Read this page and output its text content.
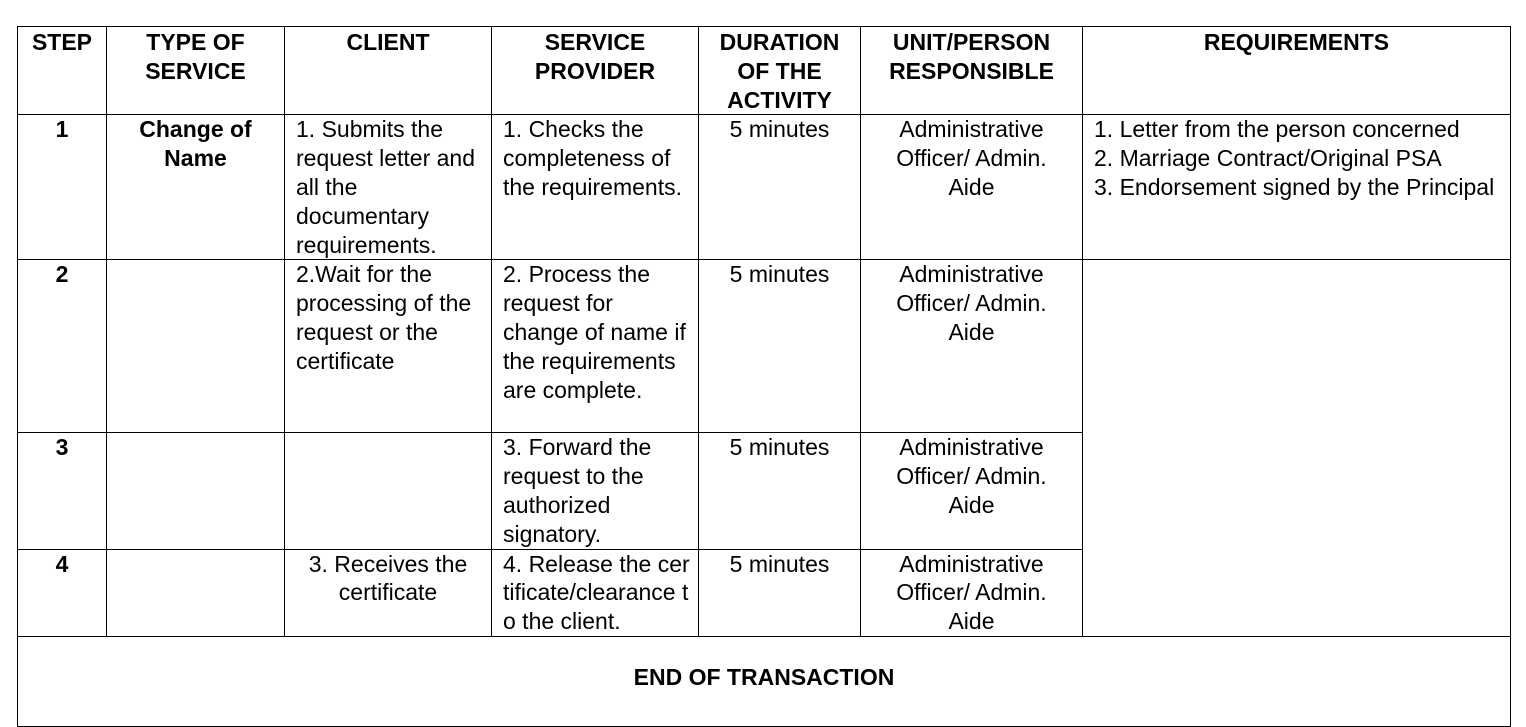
STEP	TYPE OF SERVICE	CLIENT	SERVICE PROVIDER	DURATION OF THE ACTIVITY	UNIT/PERSON RESPONSIBLE	REQUIREMENTS
1	Change of Name	1. Submits the request letter and all the documentary requirements.	1. Checks the completeness of the requirements.	5 minutes	Administrative Officer/ Admin. Aide	1. Letter from the person concerned
2. Marriage Contract/Original PSA
3. Endorsement signed by the Principal

2		2.Wait for the processing of the request or the certificate	2. Process the request for change of name if the requirements are complete.	5 minutes	Administrative Officer/ Admin. Aide	
3			3. Forward the request to the authorized signatory.	5 minutes	Administrative Officer/ Admin. Aide	
4		3. Receives the certificate	4. Release the certificate/clearance to the client.	5 minutes	Administrative Officer/ Admin. Aide	
END OF TRANSACTION						
